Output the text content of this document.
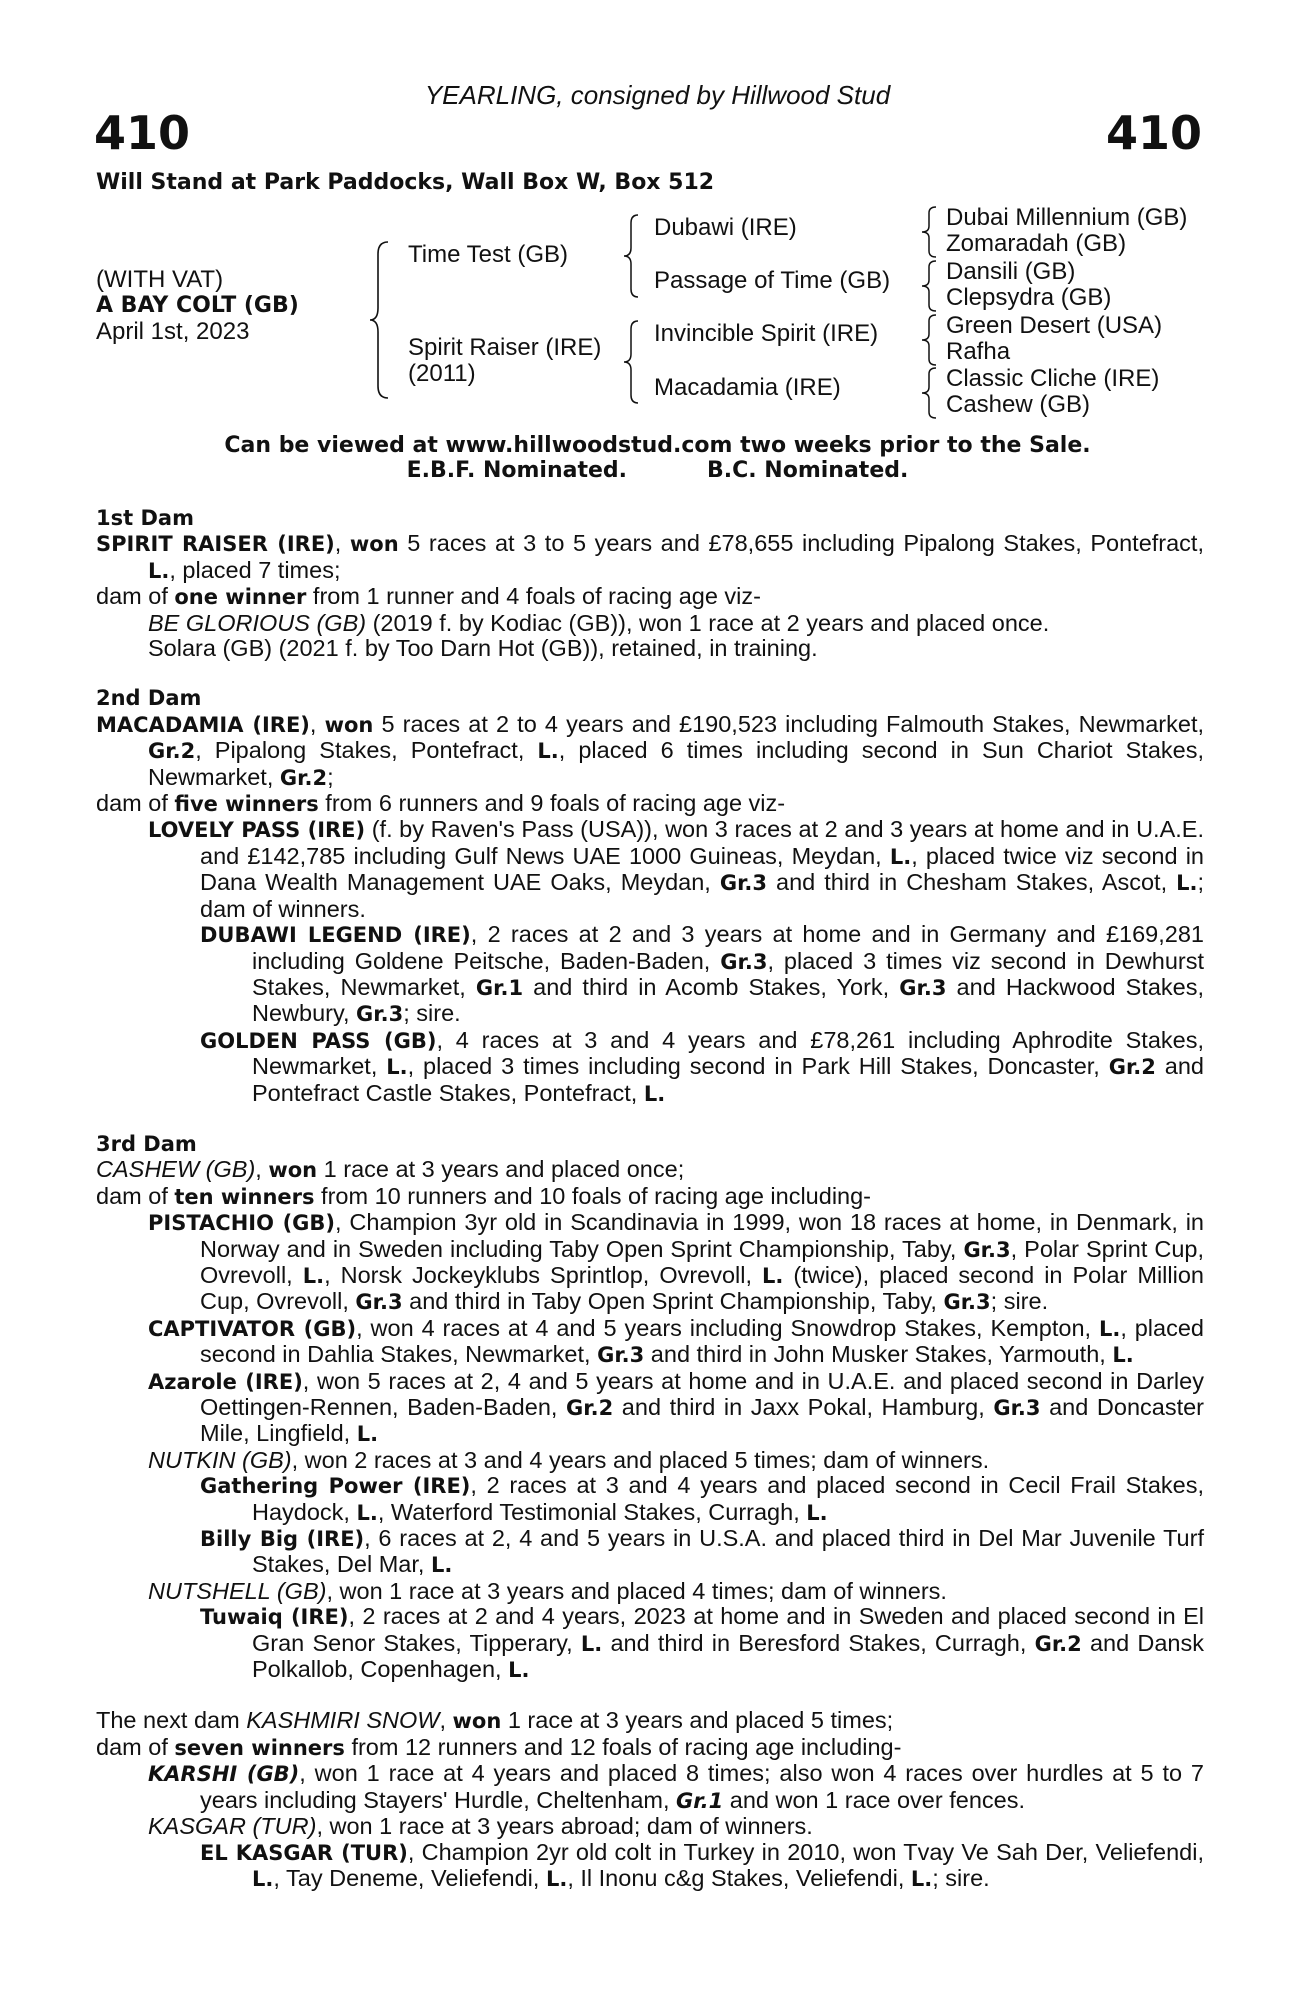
YEARLING, consigned by Hillwood Stud
410	410
Will Stand at Park Paddocks, Wall Box W, Box 512
(WITH VAT)
A BAY COLT (GB)
April 1st, 2023
Time Test (GB)
Spirit Raiser (IRE)
(2011)
Dubawi (IRE)
Passage of Time (GB)
Invincible Spirit (IRE)
Macadamia (IRE)
Dubai Millennium (GB)
Zomaradah (GB)
Dansili (GB)
Clepsydra (GB)
Green Desert (USA)
Rafha
Classic Cliche (IRE)
Cashew (GB)
Can be viewed at www.hillwoodstud.com two weeks prior to the Sale.
E.B.F. Nominated.	B.C. Nominated.

1st Dam

SPIRIT RAISER (IRE), won 5 races at 3 to 5 years and £78,655 including Pipalong Stakes, Pontefract, L., placed 7 times;

dam of one winner from 1 runner and 4 foals of racing age viz-

BE GLORIOUS (GB) (2019 f. by Kodiac (GB)), won 1 race at 2 years and placed once.

Solara (GB) (2021 f. by Too Darn Hot (GB)), retained, in training.

2nd Dam

MACADAMIA (IRE), won 5 races at 2 to 4 years and £190,523 including Falmouth Stakes, Newmarket, Gr.2, Pipalong Stakes, Pontefract, L., placed 6 times including second in Sun Chariot Stakes, Newmarket, Gr.2;

dam of five winners from 6 runners and 9 foals of racing age viz-

LOVELY PASS (IRE) (f. by Raven's Pass (USA)), won 3 races at 2 and 3 years at home and in U.A.E. and £142,785 including Gulf News UAE 1000 Guineas, Meydan, L., placed twice viz second in Dana Wealth Management UAE Oaks, Meydan, Gr.3 and third in Chesham Stakes, Ascot, L.; dam of winners.

DUBAWI LEGEND (IRE), 2 races at 2 and 3 years at home and in Germany and £169,281 including Goldene Peitsche, Baden-Baden, Gr.3, placed 3 times viz second in Dewhurst Stakes, Newmarket, Gr.1 and third in Acomb Stakes, York, Gr.3 and Hackwood Stakes, Newbury, Gr.3; sire.

GOLDEN PASS (GB), 4 races at 3 and 4 years and £78,261 including Aphrodite Stakes, Newmarket, L., placed 3 times including second in Park Hill Stakes, Doncaster, Gr.2 and Pontefract Castle Stakes, Pontefract, L.

3rd Dam

CASHEW (GB), won 1 race at 3 years and placed once;

dam of ten winners from 10 runners and 10 foals of racing age including-

PISTACHIO (GB), Champion 3yr old in Scandinavia in 1999, won 18 races at home, in Denmark, in Norway and in Sweden including Taby Open Sprint Championship, Taby, Gr.3, Polar Sprint Cup, Ovrevoll, L., Norsk Jockeyklubs Sprintlop, Ovrevoll, L. (twice), placed second in Polar Million Cup, Ovrevoll, Gr.3 and third in Taby Open Sprint Championship, Taby, Gr.3; sire.

CAPTIVATOR (GB), won 4 races at 4 and 5 years including Snowdrop Stakes, Kempton, L., placed second in Dahlia Stakes, Newmarket, Gr.3 and third in John Musker Stakes, Yarmouth, L.

Azarole (IRE), won 5 races at 2, 4 and 5 years at home and in U.A.E. and placed second in Darley Oettingen-Rennen, Baden-Baden, Gr.2 and third in Jaxx Pokal, Hamburg, Gr.3 and Doncaster Mile, Lingfield, L.

NUTKIN (GB), won 2 races at 3 and 4 years and placed 5 times; dam of winners.

Gathering Power (IRE), 2 races at 3 and 4 years and placed second in Cecil Frail Stakes, Haydock, L., Waterford Testimonial Stakes, Curragh, L.

Billy Big (IRE), 6 races at 2, 4 and 5 years in U.S.A. and placed third in Del Mar Juvenile Turf Stakes, Del Mar, L.

NUTSHELL (GB), won 1 race at 3 years and placed 4 times; dam of winners.

Tuwaiq (IRE), 2 races at 2 and 4 years, 2023 at home and in Sweden and placed second in El Gran Senor Stakes, Tipperary, L. and third in Beresford Stakes, Curragh, Gr.2 and Dansk Polkallob, Copenhagen, L.

The next dam KASHMIRI SNOW, won 1 race at 3 years and placed 5 times;

dam of seven winners from 12 runners and 12 foals of racing age including-

KARSHI (GB), won 1 race at 4 years and placed 8 times; also won 4 races over hurdles at 5 to 7 years including Stayers' Hurdle, Cheltenham, Gr.1 and won 1 race over fences.

KASGAR (TUR), won 1 race at 3 years abroad; dam of winners.

EL KASGAR (TUR), Champion 2yr old colt in Turkey in 2010, won Tvay Ve Sah Der, Veliefendi, L., Tay Deneme, Veliefendi, L., Il Inonu c&g Stakes, Veliefendi, L.; sire.
